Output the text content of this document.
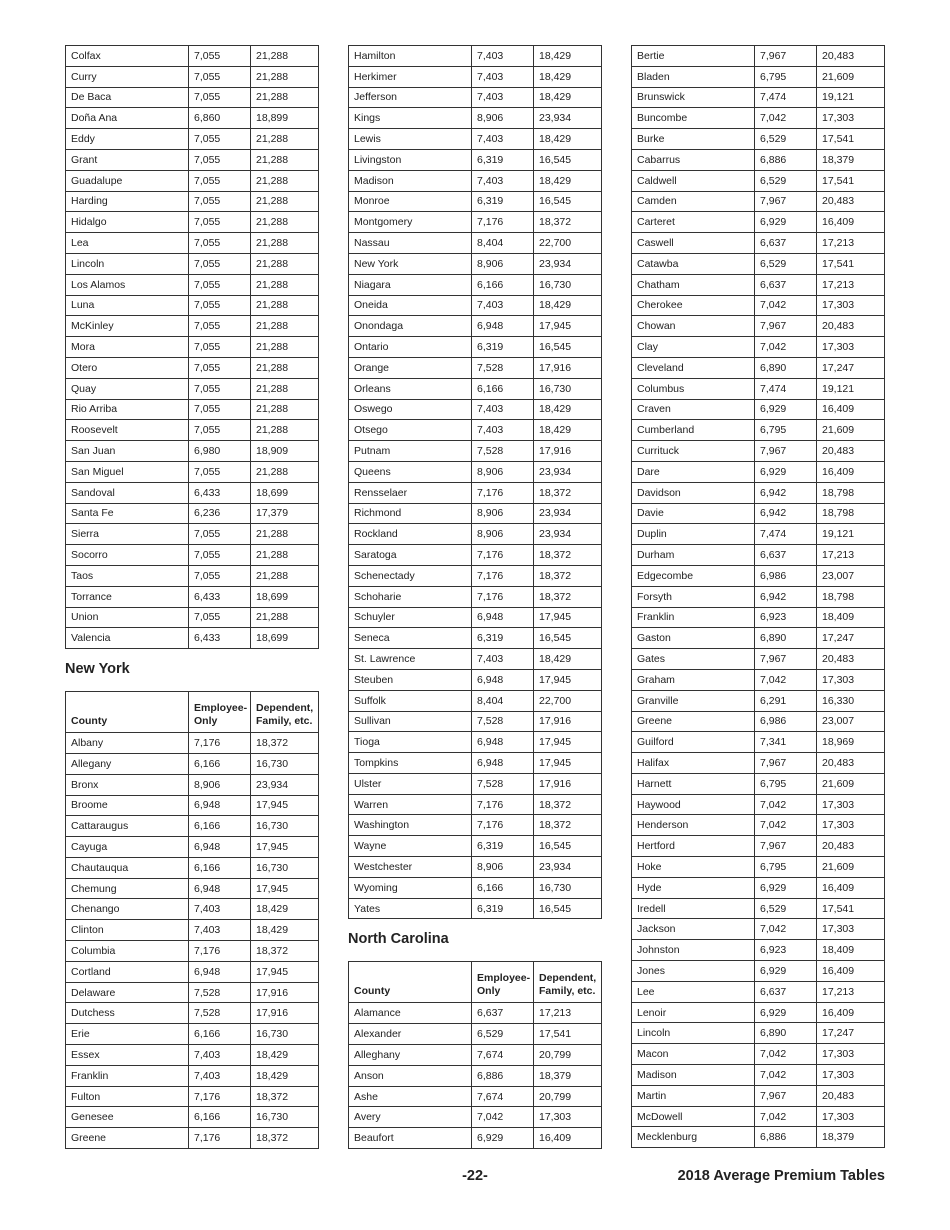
Colfax	7,055	21,288
Curry	7,055	21,288
De Baca	7,055	21,288
Doña Ana	6,860	18,899
Eddy	7,055	21,288
Grant	7,055	21,288
Guadalupe	7,055	21,288
Harding	7,055	21,288
Hidalgo	7,055	21,288
Lea	7,055	21,288
Lincoln	7,055	21,288
Los Alamos	7,055	21,288
Luna	7,055	21,288
McKinley	7,055	21,288
Mora	7,055	21,288
Otero	7,055	21,288
Quay	7,055	21,288
Rio Arriba	7,055	21,288
Roosevelt	7,055	21,288
San Juan	6,980	18,909
San Miguel	7,055	21,288
Sandoval	6,433	18,699
Santa Fe	6,236	17,379
Sierra	7,055	21,288
Socorro	7,055	21,288
Taos	7,055	21,288
Torrance	6,433	18,699
Union	7,055	21,288
Valencia	6,433	18,699
New York
County	Employee-Only	Dependent, Family, etc.
Albany	7,176	18,372
Allegany	6,166	16,730
Bronx	8,906	23,934
Broome	6,948	17,945
Cattaraugus	6,166	16,730
Cayuga	6,948	17,945
Chautauqua	6,166	16,730
Chemung	6,948	17,945
Chenango	7,403	18,429
Clinton	7,403	18,429
Columbia	7,176	18,372
Cortland	6,948	17,945
Delaware	7,528	17,916
Dutchess	7,528	17,916
Erie	6,166	16,730
Essex	7,403	18,429
Franklin	7,403	18,429
Fulton	7,176	18,372
Genesee	6,166	16,730
Greene	7,176	18,372
Hamilton	7,403	18,429
Herkimer	7,403	18,429
Jefferson	7,403	18,429
Kings	8,906	23,934
Lewis	7,403	18,429
Livingston	6,319	16,545
Madison	7,403	18,429
Monroe	6,319	16,545
Montgomery	7,176	18,372
Nassau	8,404	22,700
New York	8,906	23,934
Niagara	6,166	16,730
Oneida	7,403	18,429
Onondaga	6,948	17,945
Ontario	6,319	16,545
Orange	7,528	17,916
Orleans	6,166	16,730
Oswego	7,403	18,429
Otsego	7,403	18,429
Putnam	7,528	17,916
Queens	8,906	23,934
Rensselaer	7,176	18,372
Richmond	8,906	23,934
Rockland	8,906	23,934
Saratoga	7,176	18,372
Schenectady	7,176	18,372
Schoharie	7,176	18,372
Schuyler	6,948	17,945
Seneca	6,319	16,545
St. Lawrence	7,403	18,429
Steuben	6,948	17,945
Suffolk	8,404	22,700
Sullivan	7,528	17,916
Tioga	6,948	17,945
Tompkins	6,948	17,945
Ulster	7,528	17,916
Warren	7,176	18,372
Washington	7,176	18,372
Wayne	6,319	16,545
Westchester	8,906	23,934
Wyoming	6,166	16,730
Yates	6,319	16,545
North Carolina
County	Employee-Only	Dependent, Family, etc.
Alamance	6,637	17,213
Alexander	6,529	17,541
Alleghany	7,674	20,799
Anson	6,886	18,379
Ashe	7,674	20,799
Avery	7,042	17,303
Beaufort	6,929	16,409
Bertie	7,967	20,483
Bladen	6,795	21,609
Brunswick	7,474	19,121
Buncombe	7,042	17,303
Burke	6,529	17,541
Cabarrus	6,886	18,379
Caldwell	6,529	17,541
Camden	7,967	20,483
Carteret	6,929	16,409
Caswell	6,637	17,213
Catawba	6,529	17,541
Chatham	6,637	17,213
Cherokee	7,042	17,303
Chowan	7,967	20,483
Clay	7,042	17,303
Cleveland	6,890	17,247
Columbus	7,474	19,121
Craven	6,929	16,409
Cumberland	6,795	21,609
Currituck	7,967	20,483
Dare	6,929	16,409
Davidson	6,942	18,798
Davie	6,942	18,798
Duplin	7,474	19,121
Durham	6,637	17,213
Edgecombe	6,986	23,007
Forsyth	6,942	18,798
Franklin	6,923	18,409
Gaston	6,890	17,247
Gates	7,967	20,483
Graham	7,042	17,303
Granville	6,291	16,330
Greene	6,986	23,007
Guilford	7,341	18,969
Halifax	7,967	20,483
Harnett	6,795	21,609
Haywood	7,042	17,303
Henderson	7,042	17,303
Hertford	7,967	20,483
Hoke	6,795	21,609
Hyde	6,929	16,409
Iredell	6,529	17,541
Jackson	7,042	17,303
Johnston	6,923	18,409
Jones	6,929	16,409
Lee	6,637	17,213
Lenoir	6,929	16,409
Lincoln	6,890	17,247
Macon	7,042	17,303
Madison	7,042	17,303
Martin	7,967	20,483
McDowell	7,042	17,303
Mecklenburg	6,886	18,379
-22-	2018 Average Premium Tables
